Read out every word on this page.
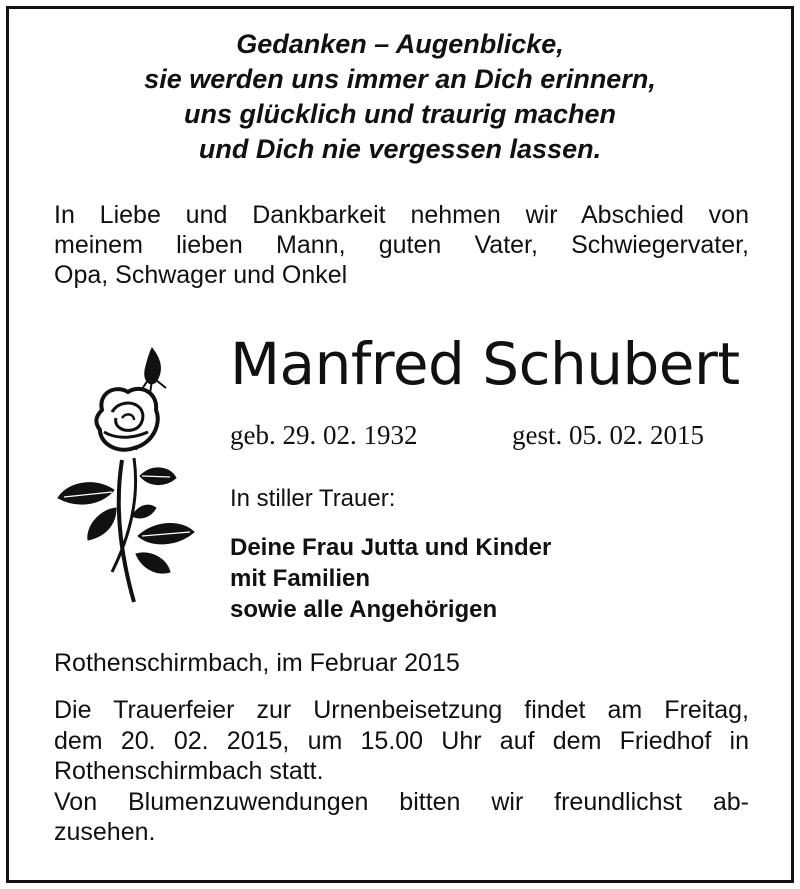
Gedanken – Augenblicke,
sie werden uns immer an Dich erinnern,
uns glücklich und traurig machen
und Dich nie vergessen lassen.
In Liebe und Dankbarkeit nehmen wir Abschied von
meinem lieben Mann, guten Vater, Schwiegervater,
Opa, Schwager und Onkel
Manfred Schubert
geb. 29. 02. 1932	gest. 05. 02. 2015
In stiller Trauer:
Deine Frau Jutta und Kinder
mit Familien
sowie alle Angehörigen
Rothenschirmbach, im Februar 2015
Die Trauerfeier zur Urnenbeisetzung findet am Freitag,
dem 20. 02. 2015, um 15.00 Uhr auf dem Friedhof in
Rothenschirmbach statt.
Von Blumenzuwendungen bitten wir freundlichst ab-
zusehen.
